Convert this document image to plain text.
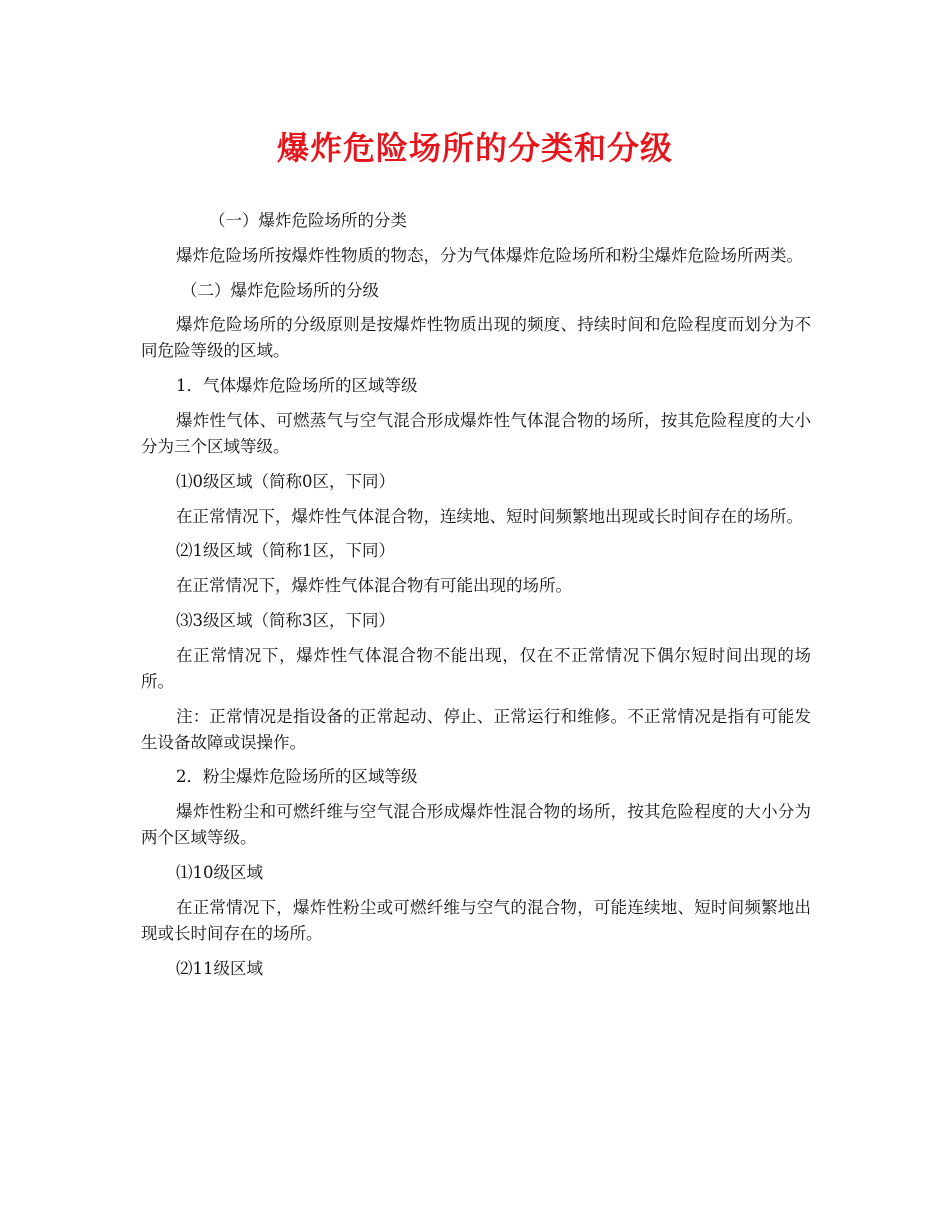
爆炸危险场所的分类和分级
（一）爆炸危险场所的分类
爆炸危险场所按爆炸性物质的物态，分为气体爆炸危险场所和粉尘爆炸危险场所两类。
（二）爆炸危险场所的分级
爆炸危险场所的分级原则是按爆炸性物质出现的频度、持续时间和危险程度而划分为不同危险等级的区域。
1．气体爆炸危险场所的区域等级
爆炸性气体、可燃蒸气与空气混合形成爆炸性气体混合物的场所，按其危险程度的大小分为三个区域等级。
⑴0级区域（简称0区，下同）
在正常情况下，爆炸性气体混合物，连续地、短时间频繁地出现或长时间存在的场所。
⑵1级区域（简称1区，下同）
在正常情况下，爆炸性气体混合物有可能出现的场所。
⑶3级区域（简称3区，下同）
在正常情况下，爆炸性气体混合物不能出现，仅在不正常情况下偶尔短时间出现的场所。
注：正常情况是指设备的正常起动、停止、正常运行和维修。不正常情况是指有可能发生设备故障或误操作。
2．粉尘爆炸危险场所的区域等级
爆炸性粉尘和可燃纤维与空气混合形成爆炸性混合物的场所，按其危险程度的大小分为两个区域等级。
⑴10级区域
在正常情况下，爆炸性粉尘或可燃纤维与空气的混合物，可能连续地、短时间频繁地出现或长时间存在的场所。
⑵11级区域
